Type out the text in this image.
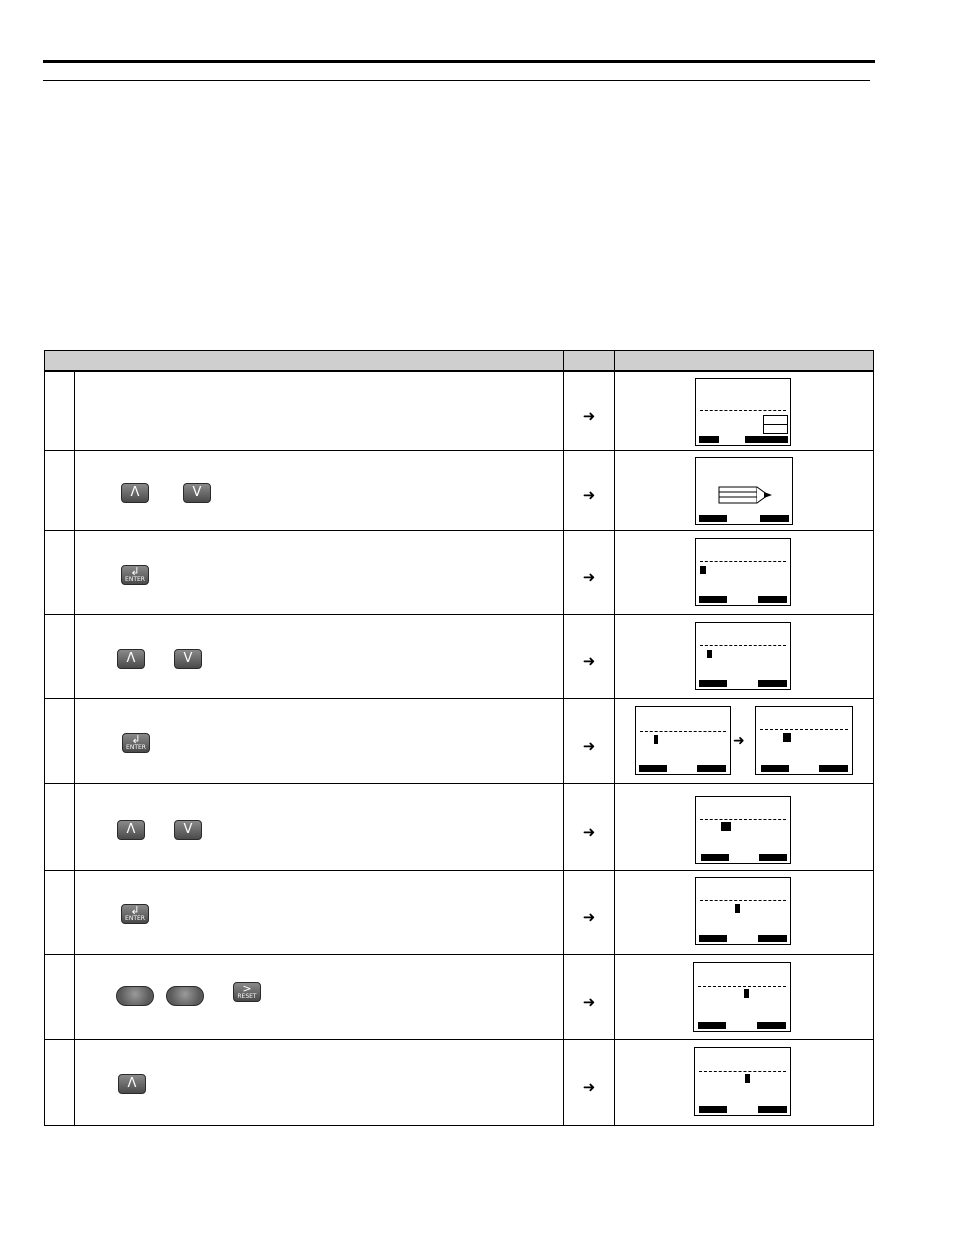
		➜	

	Λ V	➜	

	↲
ENTER	➜	

	Λ V	➜	

	↲
ENTER	➜	➜

	Λ V	➜	

	↲
ENTER	➜	

	>
RESET	➜	

	Λ	➜	
